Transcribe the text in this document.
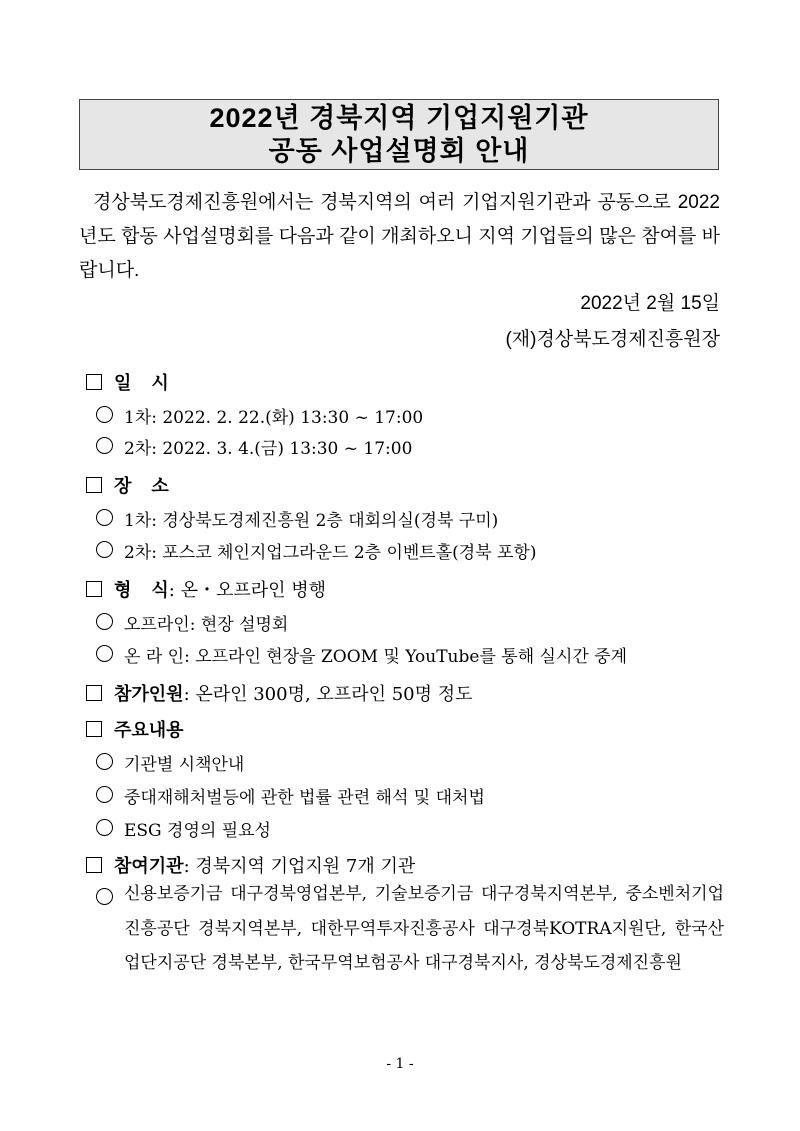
2022년 경북지역 기업지원기관
공동 사업설명회 안내

경상북도경제진흥원에서는 경북지역의 여러 기업지원기관과 공동으로 2022년도 합동 사업설명회를 다음과 같이 개최하오니 지역 기업들의 많은 참여를 바랍니다.

2022년 2월 15일
(재)경상북도경제진흥원장
일    시
1차: 2022. 2. 22.(화) 13:30 ~ 17:00
2차: 2022. 3. 4.(금) 13:30 ~ 17:00
장    소
1차: 경상북도경제진흥원 2층 대회의실(경북 구미)
2차: 포스코 체인지업그라운드 2층 이벤트홀(경북 포항)
형    식 : 온・오프라인 병행
오프라인: 현장 설명회
온 라 인: 오프라인 현장을 ZOOM 및 YouTube를 통해 실시간 중계
참가인원 : 온라인 300명, 오프라인 50명 정도
주요내용
기관별 시책안내
중대재해처벌등에 관한 법률 관련 해석 및 대처법
ESG 경영의 필요성
참여기관 : 경북지역 기업지원 7개 기관
신용보증기금 대구경북영업본부, 기술보증기금 대구경북지역본부, 중소벤처기업진흥공단 경북지역본부, 대한무역투자진흥공사 대구경북KOTRA지원단, 한국산업단지공단 경북본부, 한국무역보험공사 대구경북지사, 경상북도경제진흥원
- 1 -
